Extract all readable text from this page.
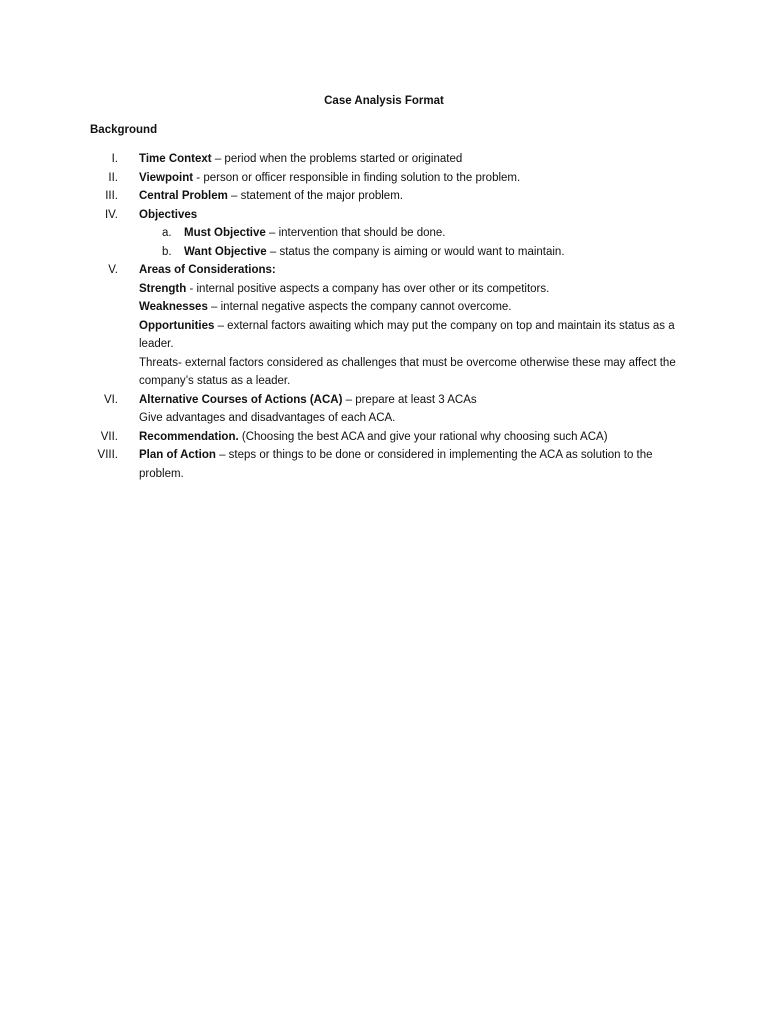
Case Analysis Format
Background
I. Time Context – period when the problems started or originated
II. Viewpoint - person or officer responsible in finding solution to the problem.
III. Central Problem – statement of the major problem.
IV. Objectives
a. Must Objective – intervention that should be done.
b. Want Objective – status the company is aiming or would want to maintain.
V. Areas of Considerations:
Strength - internal positive aspects a company has over other or its competitors.
Weaknesses – internal negative aspects the company cannot overcome.
Opportunities – external factors awaiting which may put the company on top and maintain its status as a leader.
Threats- external factors considered as challenges that must be overcome otherwise these may affect the company’s status as a leader.
VI. Alternative Courses of Actions (ACA) – prepare at least 3 ACAs
Give advantages and disadvantages of each ACA.
VII. Recommendation. (Choosing the best ACA and give your rational why choosing such ACA)
VIII. Plan of Action – steps or things to be done or considered in implementing the ACA as solution to the problem.
